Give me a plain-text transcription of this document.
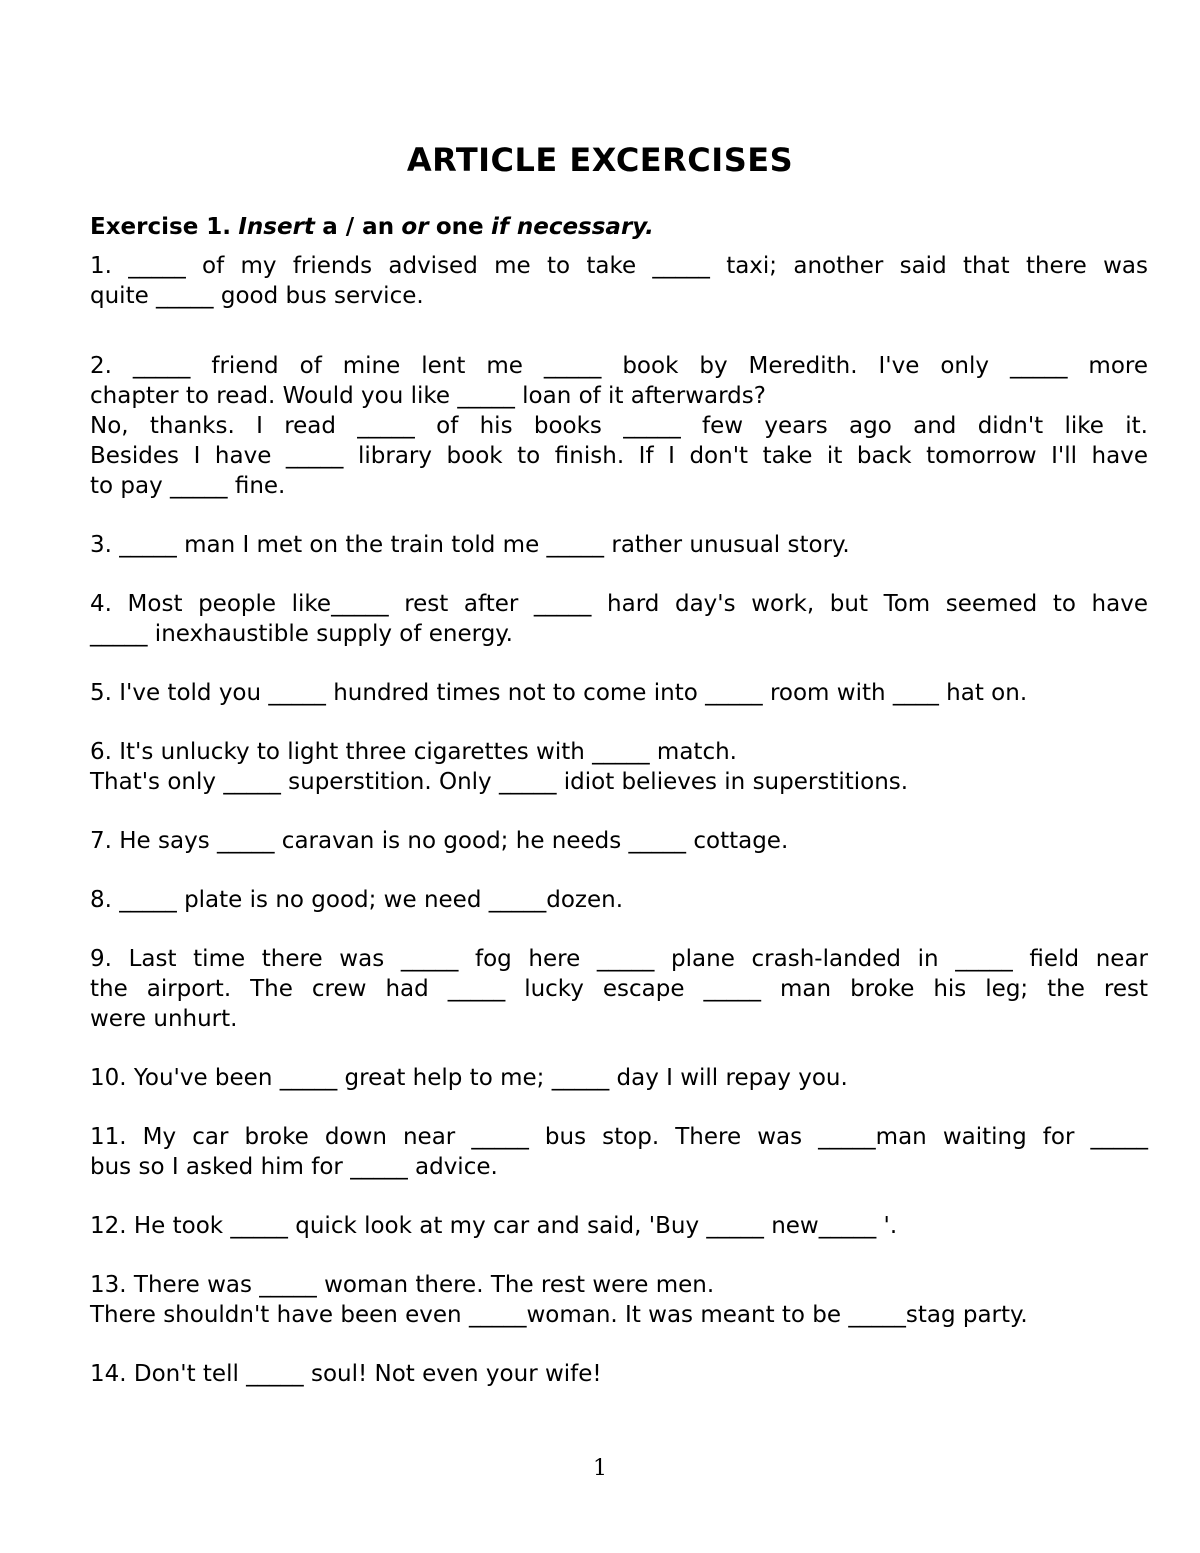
ARTICLE EXCERCISES

Exercise 1. Insert a / an or one if necessary.

1. _____ of my friends advised me to take _____ taxi; another said that there was
quite _____ good bus service.
2. _____ friend of mine lent me _____ book by Meredith. I've only _____ more
chapter to read. Would you like _____ loan of it afterwards?
No, thanks. I read _____ of his books _____ few years ago and didn't like it.
Besides I have _____ library book to finish. If I don't take it back tomorrow I'll have
to pay _____ fine.
3. _____ man I met on the train told me _____ rather unusual story.
4. Most people like_____ rest after _____ hard day's work, but Tom seemed to have
_____ inexhaustible supply of energy.
5. I've told you _____ hundred times not to come into _____ room with ____ hat on.
6. It's unlucky to light three cigarettes with _____ match.
That's only _____ superstition. Only _____ idiot believes in superstitions.
7. He says _____ caravan is no good; he needs _____ cottage.
8. _____ plate is no good; we need _____dozen.
9. Last time there was _____ fog here _____ plane crash-landed in _____ field near
the airport. The crew had _____ lucky escape _____ man broke his leg; the rest
were unhurt.
10. You've been _____ great help to me; _____ day I will repay you.
11. My car broke down near _____ bus stop. There was _____man waiting for _____
bus so I asked him for _____ advice.
12. He took _____ quick look at my car and said, 'Buy _____ new_____ '.
13. There was _____ woman there. The rest were men.
There shouldn't have been even _____woman. It was meant to be _____stag party.
14. Don't tell _____ soul! Not even your wife!
1
